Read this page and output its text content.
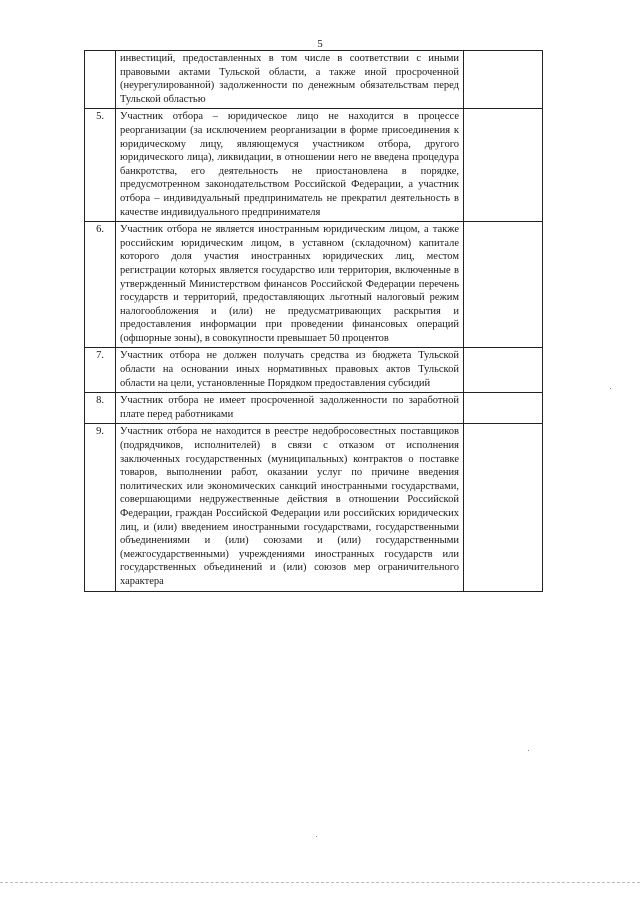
5
	инвестиций, предоставленных в том числе в соответствии с иными правовыми актами Тульской области, а также иной просроченной (неурегулированной) задолженности по денежным обязательствам перед Тульской областью	
5.	Участник отбора – юридическое лицо не находится в процессе реорганизации (за исключением реорганизации в форме присоединения к юридическому лицу, являющемуся участником отбора, другого юридического лица), ликвидации, в отношении него не введена процедура банкротства, его деятельность не приостановлена в порядке, предусмотренном законодательством Российской Федерации, а участник отбора – индивидуальный предприниматель не прекратил деятельность в качестве индивидуального предпринимателя	
6.	Участник отбора не является иностранным юридическим лицом, а также российским юридическим лицом, в уставном (складочном) капитале которого доля участия иностранных юридических лиц, местом регистрации которых является государство или территория, включенные в утвержденный Министерством финансов Российской Федерации перечень государств и территорий, предоставляющих льготный налоговый режим налогообложения и (или) не предусматривающих раскрытия и предоставления информации при проведении финансовых операций (офшорные зоны), в совокупности превышает 50 процентов	
7.	Участник отбора не должен получать средства из бюджета Тульской области на основании иных нормативных правовых актов Тульской области на цели, установленные Порядком предоставления субсидий	
8.	Участник отбора не имеет просроченной задолженности по заработной плате перед работниками	
9.	Участник отбора не находится в реестре недобросовестных поставщиков (подрядчиков, исполнителей) в связи с отказом от исполнения заключенных государственных (муниципальных) контрактов о поставке товаров, выполнении работ, оказании услуг по причине введения политических или экономических санкций иностранными государствами, совершающими недружественные действия в отношении Российской Федерации, граждан Российской Федерации или российских юридических лиц, и (или) введением иностранными государствами, государственными объединениями и (или) союзами и (или) государственными (межгосударственными) учреждениями иностранных государств или государственных объединений и (или) союзов мер ограничительного характера	
